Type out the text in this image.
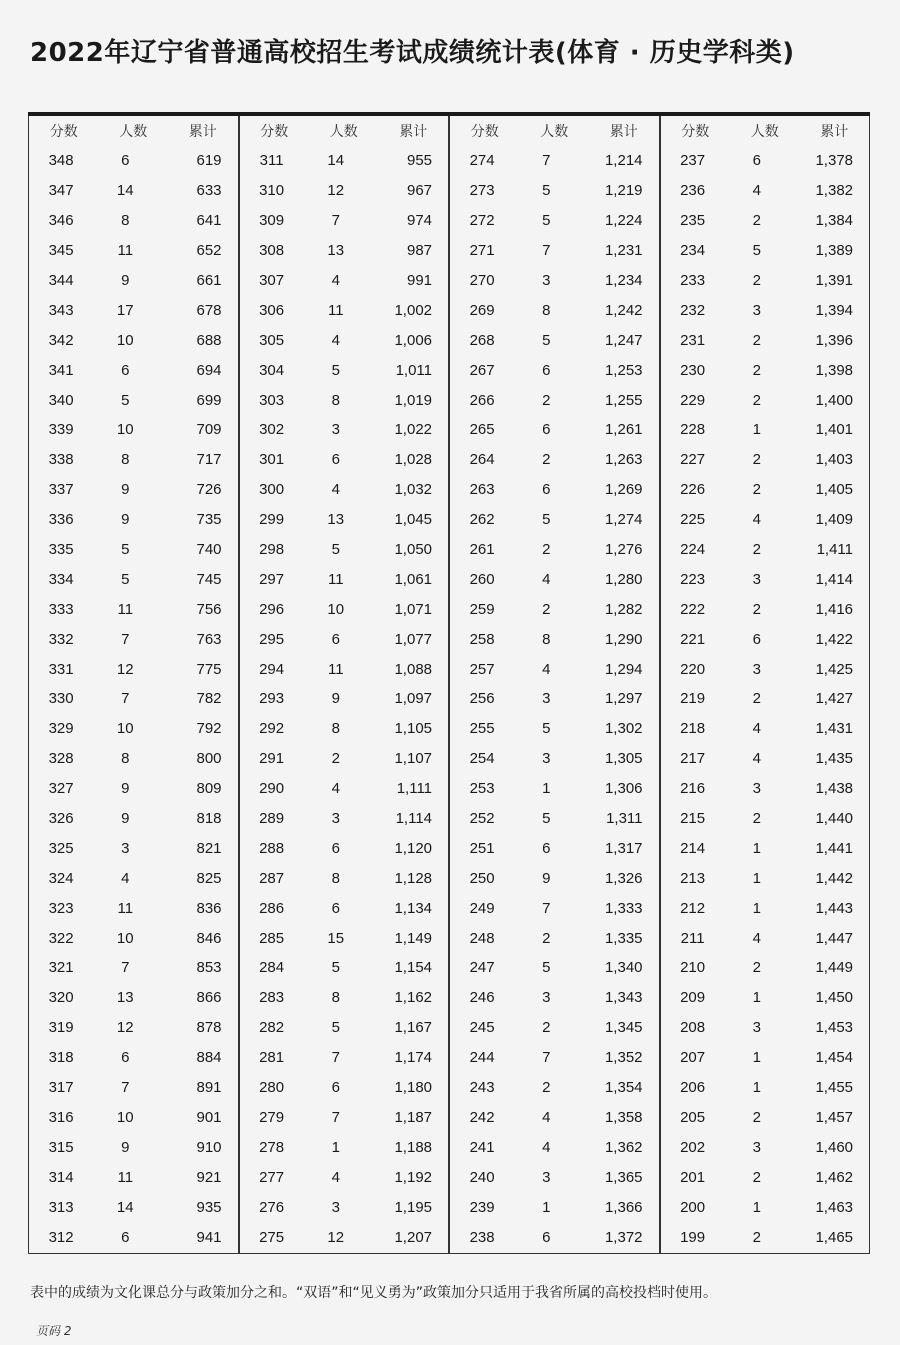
2022年辽宁省普通高校招生考试成绩统计表(体育 · 历史学科类)
分数	人数	累计
348	6	619
347	14	633
346	8	641
345	11	652
344	9	661
343	17	678
342	10	688
341	6	694
340	5	699
339	10	709
338	8	717
337	9	726
336	9	735
335	5	740
334	5	745
333	11	756
332	7	763
331	12	775
330	7	782
329	10	792
328	8	800
327	9	809
326	9	818
325	3	821
324	4	825
323	11	836
322	10	846
321	7	853
320	13	866
319	12	878
318	6	884
317	7	891
316	10	901
315	9	910
314	11	921
313	14	935
312	6	941
分数	人数	累计
311	14	955
310	12	967
309	7	974
308	13	987
307	4	991
306	11	1,002
305	4	1,006
304	5	1,011
303	8	1,019
302	3	1,022
301	6	1,028
300	4	1,032
299	13	1,045
298	5	1,050
297	11	1,061
296	10	1,071
295	6	1,077
294	11	1,088
293	9	1,097
292	8	1,105
291	2	1,107
290	4	1,111
289	3	1,114
288	6	1,120
287	8	1,128
286	6	1,134
285	15	1,149
284	5	1,154
283	8	1,162
282	5	1,167
281	7	1,174
280	6	1,180
279	7	1,187
278	1	1,188
277	4	1,192
276	3	1,195
275	12	1,207
分数	人数	累计
274	7	1,214
273	5	1,219
272	5	1,224
271	7	1,231
270	3	1,234
269	8	1,242
268	5	1,247
267	6	1,253
266	2	1,255
265	6	1,261
264	2	1,263
263	6	1,269
262	5	1,274
261	2	1,276
260	4	1,280
259	2	1,282
258	8	1,290
257	4	1,294
256	3	1,297
255	5	1,302
254	3	1,305
253	1	1,306
252	5	1,311
251	6	1,317
250	9	1,326
249	7	1,333
248	2	1,335
247	5	1,340
246	3	1,343
245	2	1,345
244	7	1,352
243	2	1,354
242	4	1,358
241	4	1,362
240	3	1,365
239	1	1,366
238	6	1,372
分数	人数	累计
237	6	1,378
236	4	1,382
235	2	1,384
234	5	1,389
233	2	1,391
232	3	1,394
231	2	1,396
230	2	1,398
229	2	1,400
228	1	1,401
227	2	1,403
226	2	1,405
225	4	1,409
224	2	1,411
223	3	1,414
222	2	1,416
221	6	1,422
220	3	1,425
219	2	1,427
218	4	1,431
217	4	1,435
216	3	1,438
215	2	1,440
214	1	1,441
213	1	1,442
212	1	1,443
211	4	1,447
210	2	1,449
209	1	1,450
208	3	1,453
207	1	1,454
206	1	1,455
205	2	1,457
202	3	1,460
201	2	1,462
200	1	1,463
199	2	1,465
表中的成绩为文化课总分与政策加分之和。“双语”和“见义勇为”政策加分只适用于我省所属的高校投档时使用。
页码 2
